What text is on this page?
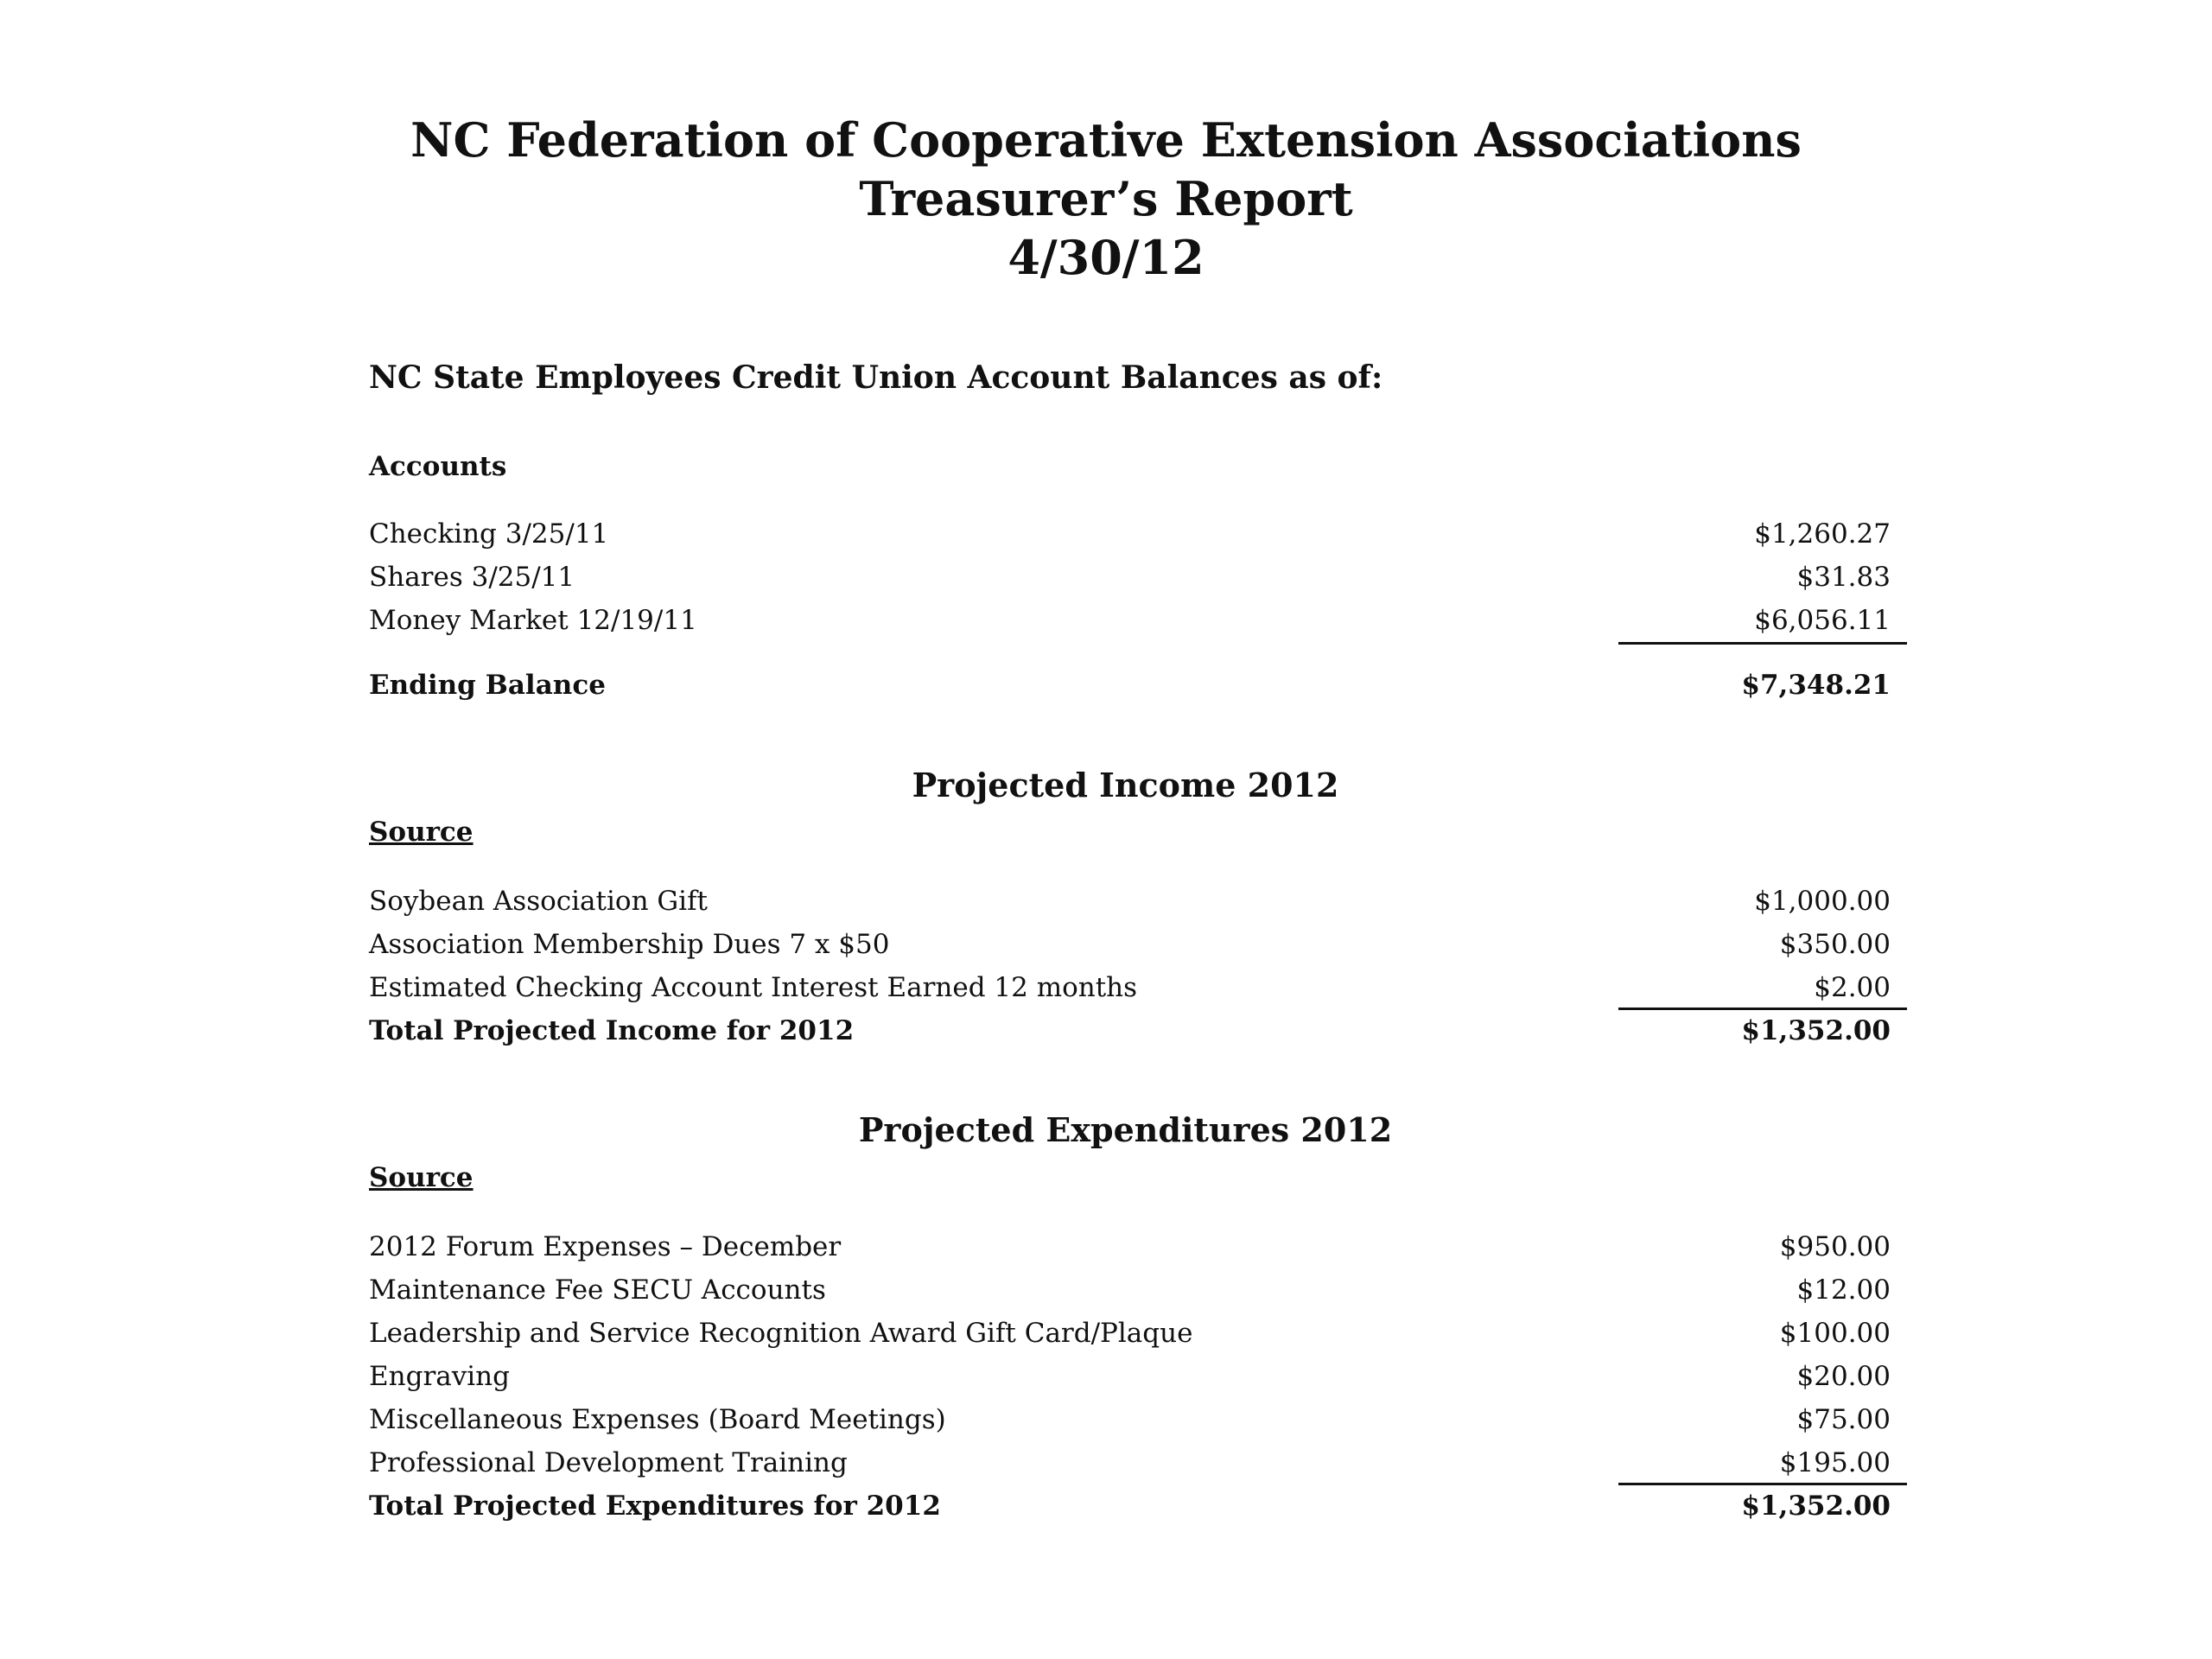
NC Federation of Cooperative Extension Associations
Treasurer’s Report
4/30/12
NC State Employees Credit Union Account Balances as of:
Accounts
Checking 3/25/11	$1,260.27
Shares 3/25/11	$31.83
Money Market 12/19/11	$6,056.11
Ending Balance	$7,348.21
Projected Income 2012
Source
Soybean Association Gift	$1,000.00
Association Membership Dues 7 x $50	$350.00
Estimated Checking Account Interest Earned 12 months	$2.00
Total Projected Income for 2012	$1,352.00
Projected Expenditures 2012
Source
2012 Forum Expenses – December	$950.00
Maintenance Fee SECU Accounts	$12.00
Leadership and Service Recognition Award Gift Card/Plaque	$100.00
Engraving	$20.00
Miscellaneous Expenses (Board Meetings)	$75.00
Professional Development Training	$195.00
Total Projected Expenditures for 2012	$1,352.00
